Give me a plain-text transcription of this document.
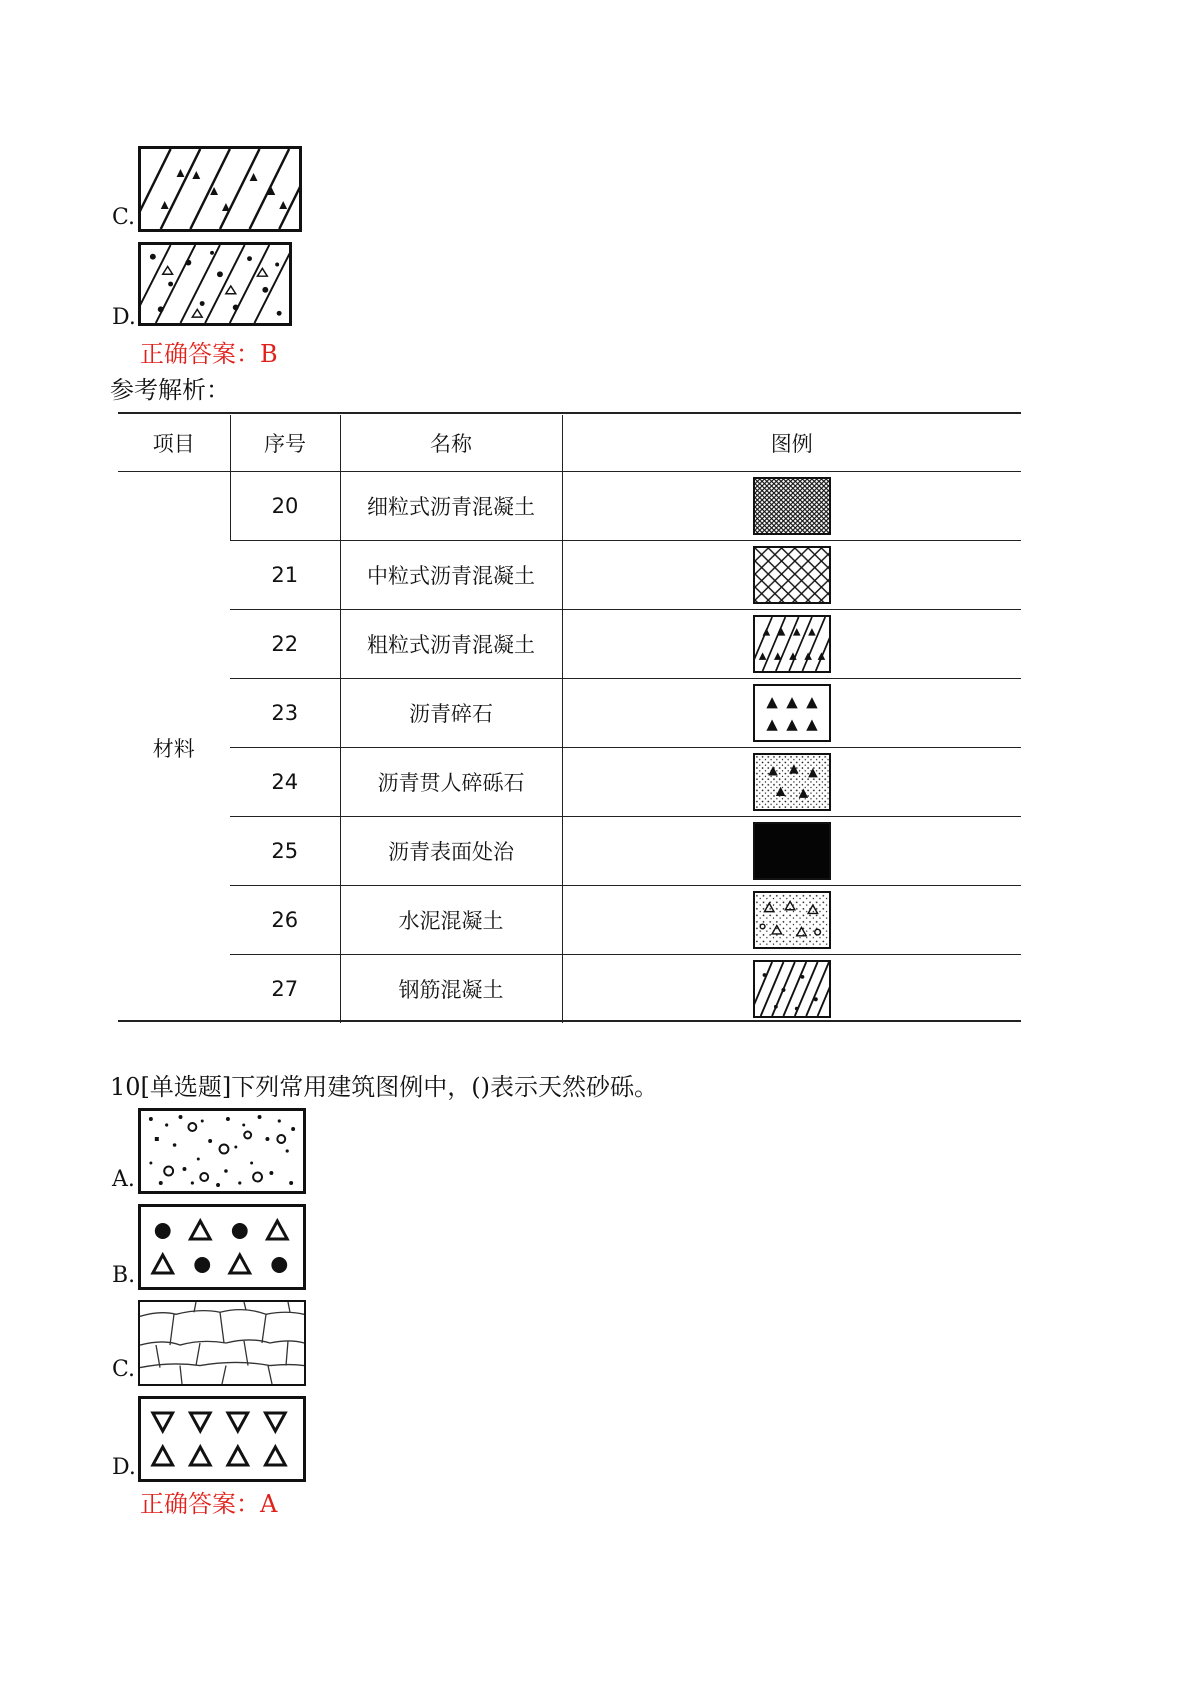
C.
D.
正确答案：B
参考解析：
项目	序号	名称	图例
材料	20	细粒式沥青混凝土	

	21	中粒式沥青混凝土	

	22	粗粒式沥青混凝土	

	23	沥青碎石	

	24	沥青贯人碎砾石	

	25	沥青表面处治	
	26	水泥混凝土	

	27	钢筋混凝土	
10[单选题]下列常用建筑图例中，()表示天然砂砾。
A.
B.
C.
D.
正确答案：A
